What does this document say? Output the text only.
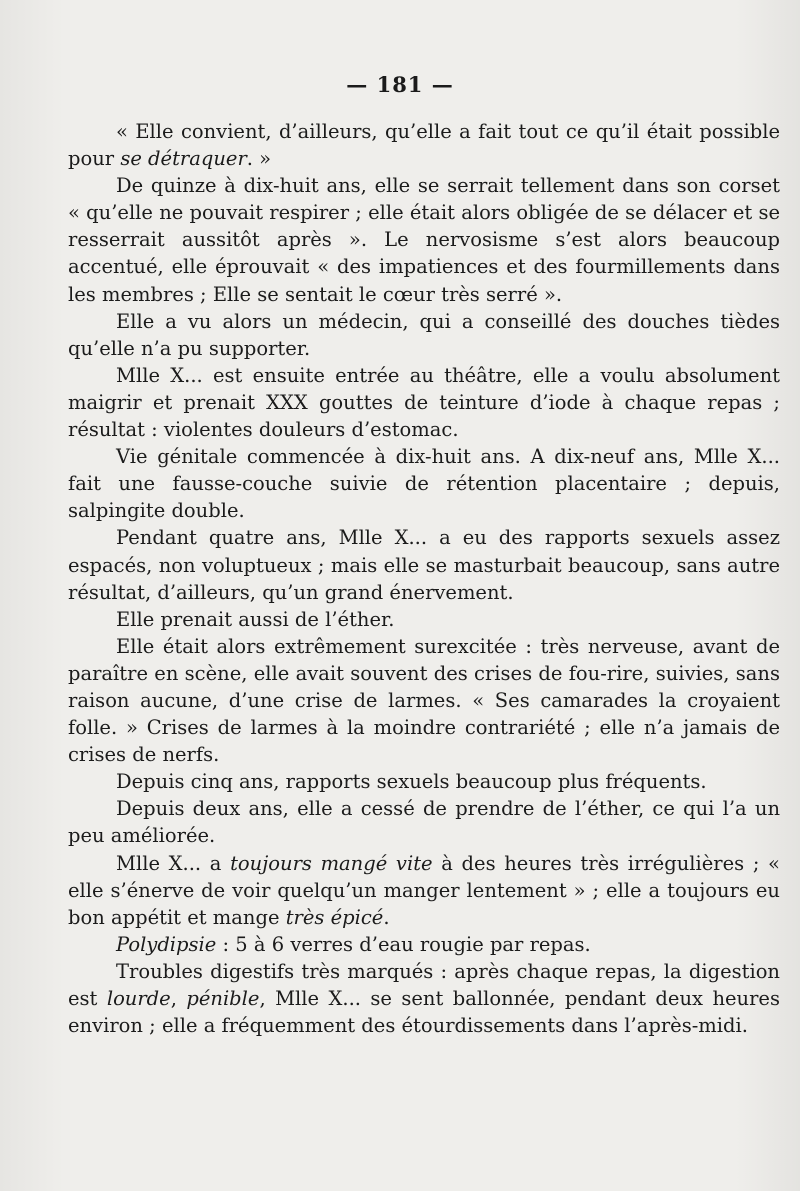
— 181 —

« Elle convient, d’ailleurs, qu’elle a fait tout ce qu’il était possible pour se détraquer. »

De quinze à dix-huit ans, elle se serrait tellement dans son corset « qu’elle ne pouvait respirer ; elle était alors obligée de se délacer et se resserrait aussitôt après ». Le nervosisme s’est alors beaucoup accentué, elle éprouvait « des impatiences et des fourmillements dans les membres ; Elle se sentait le cœur très serré ».

Elle a vu alors un médecin, qui a conseillé des douches tièdes qu’elle n’a pu supporter.

Mlle X... est ensuite entrée au théâtre, elle a voulu absolument maigrir et prenait XXX gouttes de teinture d’iode à chaque repas ; résultat : violentes douleurs d’estomac.

Vie génitale commencée à dix-huit ans. A dix-neuf ans, Mlle X... fait une fausse-couche suivie de rétention placentaire ; depuis, salpingite double.

Pendant quatre ans, Mlle X... a eu des rapports sexuels assez espacés, non voluptueux ; mais elle se masturbait beaucoup, sans autre résultat, d’ailleurs, qu’un grand énervement.

Elle prenait aussi de l’éther.

Elle était alors extrêmement surexcitée : très nerveuse, avant de paraître en scène, elle avait souvent des crises de fou-rire, suivies, sans raison aucune, d’une crise de larmes. « Ses camarades la croyaient folle. » Crises de larmes à la moindre contrariété ; elle n’a jamais de crises de nerfs.

Depuis cinq ans, rapports sexuels beaucoup plus fréquents.

Depuis deux ans, elle a cessé de prendre de l’éther, ce qui l’a un peu améliorée.

Mlle X... a toujours mangé vite à des heures très irrégulières ; « elle s’énerve de voir quelqu’un manger lentement » ; elle a toujours eu bon appétit et mange très épicé.

Polydipsie : 5 à 6 verres d’eau rougie par repas.

Troubles digestifs très marqués : après chaque repas, la digestion est lourde, pénible, Mlle X... se sent ballonnée, pendant deux heures environ ; elle a fréquemment des étourdissements dans l’après-midi.
